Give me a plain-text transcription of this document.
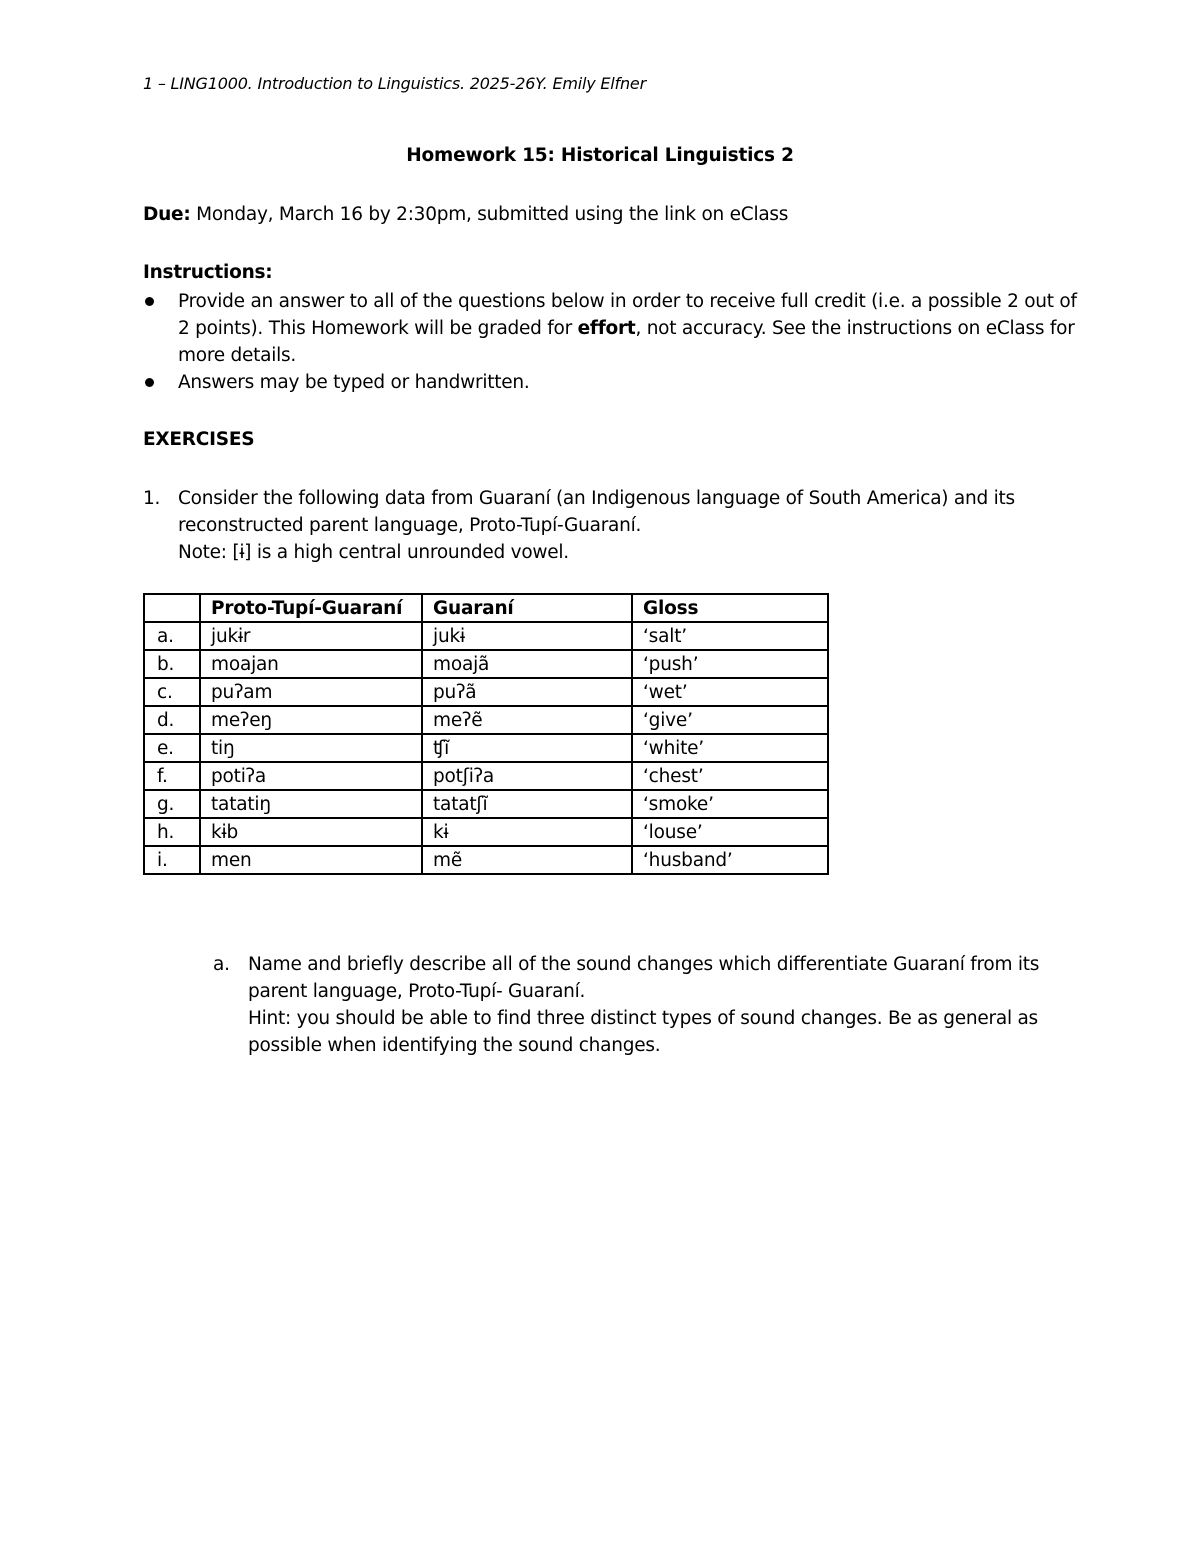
1 – LING1000. Introduction to Linguistics. 2025-26Y. Emily Elfner
Homework 15: Historical Linguistics 2
Due: Monday, March 16 by 2:30pm, submitted using the link on eClass
Instructions:
Provide an answer to all of the questions below in order to receive full credit (i.e. a possible 2 out of 2 points). This Homework will be graded for effort, not accuracy. See the instructions on eClass for more details.
Answers may be typed or handwritten.
EXERCISES
1. Consider the following data from Guaraní (an Indigenous language of South America) and its reconstructed parent language, Proto-Tupí-Guaraní.
Note: [ɨ] is a high central unrounded vowel.
	Proto-Tupí-Guaraní	Guaraní	Gloss
a.	jukɨr	jukɨ	‘salt’
b.	moajan	moajã	‘push’
c.	puʔam	puʔã	‘wet’
d.	meʔeŋ	meʔẽ	‘give’
e.	tiŋ	ʧĩ	‘white’
f.	potiʔa	potʃiʔa	‘chest’
g.	tatatiŋ	tatatʃĩ	‘smoke’
h.	kɨb	kɨ	‘louse’
i.	men	mẽ	‘husband’
a. Name and briefly describe all of the sound changes which differentiate Guaraní from its parent language, Proto-Tupí- Guaraní.
Hint: you should be able to find three distinct types of sound changes. Be as general as possible when identifying the sound changes.
